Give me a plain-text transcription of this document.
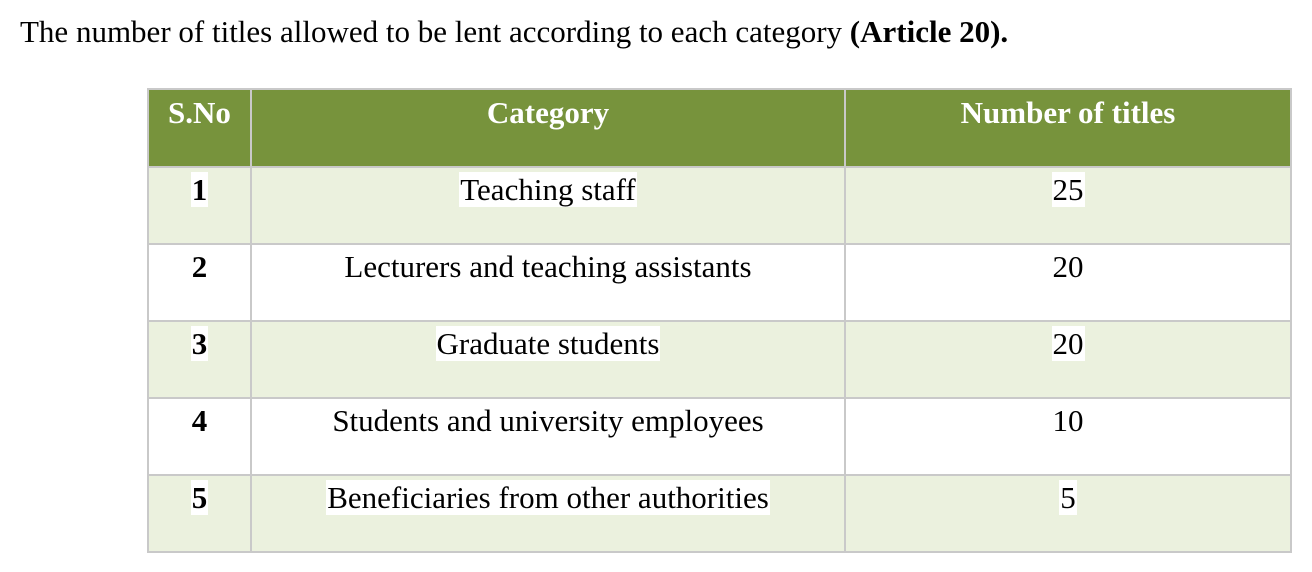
The number of titles allowed to be lent according to each category (Article 20).

S.No	Category	Number of titles
1	Teaching staff	25
2	Lecturers and teaching assistants	20
3	Graduate students	20
4	Students and university employees	10
5	Beneficiaries from other authorities	5
